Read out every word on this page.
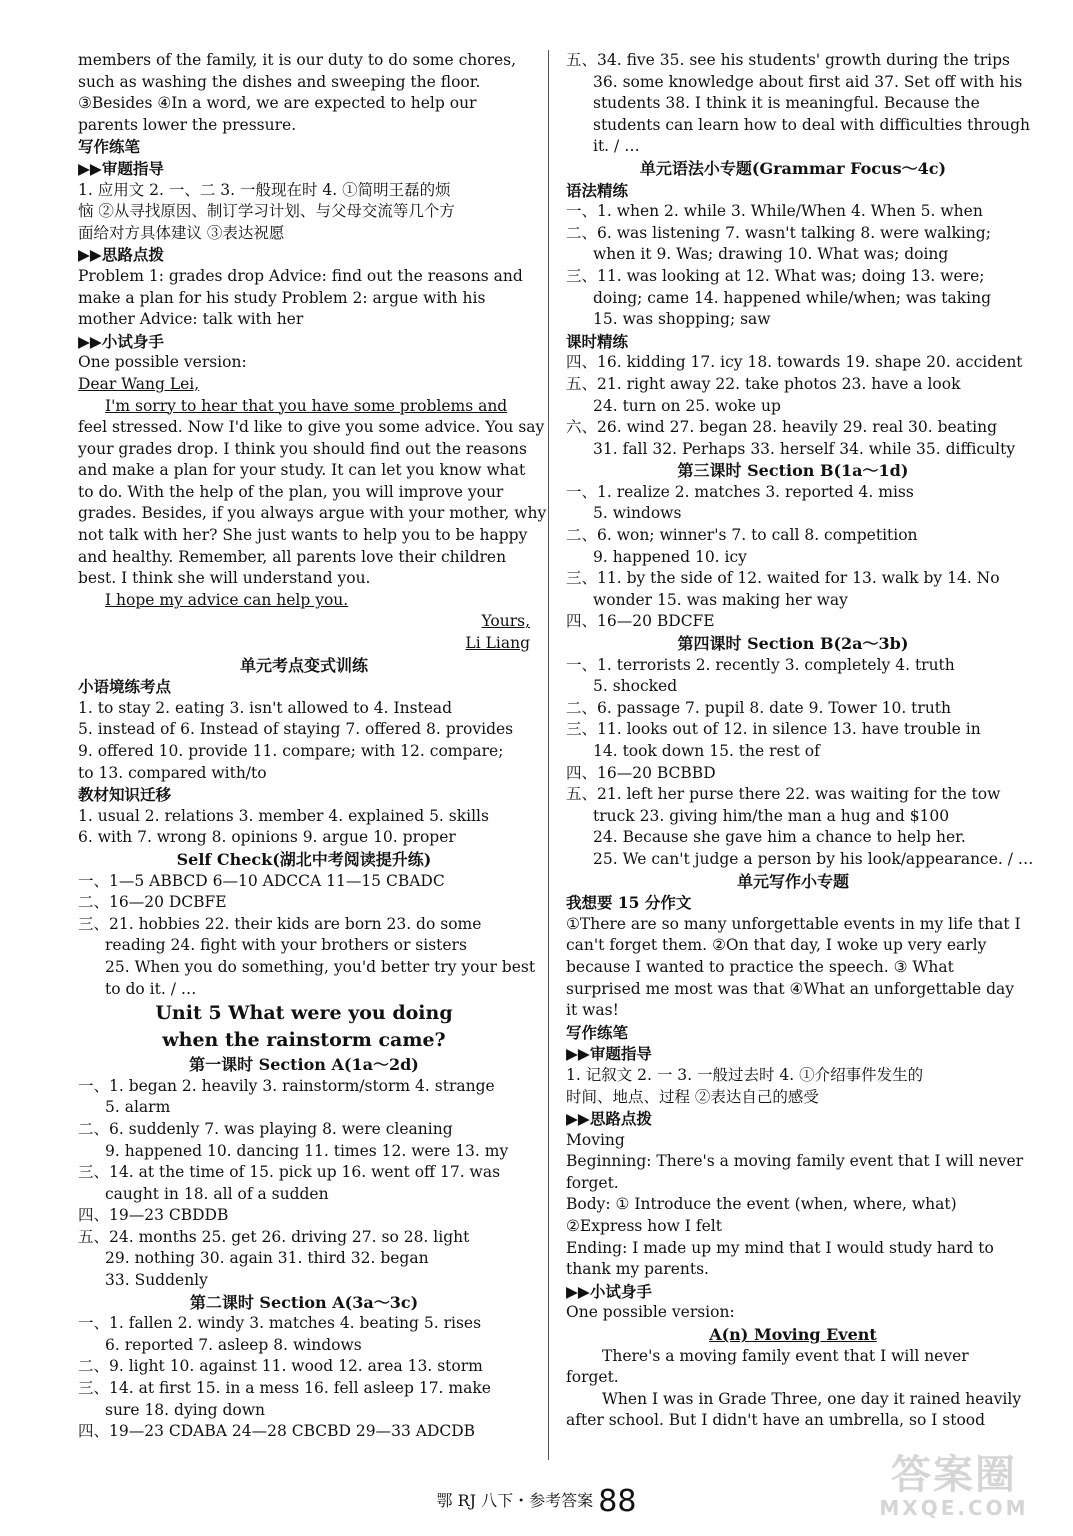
members of the family, it is our duty to do some chores,
such as washing the dishes and sweeping the floor.
③Besides ④In a word, we are expected to help our
parents lower the pressure.
写作练笔
▶▶审题指导
1. 应用文 2. 一、二 3. 一般现在时 4. ①简明王磊的烦
恼 ②从寻找原因、制订学习计划、与父母交流等几个方
面给对方具体建议 ③表达祝愿
▶▶思路点拨
Problem 1: grades drop Advice: find out the reasons and
make a plan for his study Problem 2: argue with his
mother Advice: talk with her
▶▶小试身手
One possible version:
Dear Wang Lei,
I'm sorry to hear that you have some problems and
feel stressed. Now I'd like to give you some advice. You say
your grades drop. I think you should find out the reasons
and make a plan for your study. It can let you know what
to do. With the help of the plan, you will improve your
grades. Besides, if you always argue with your mother, why
not talk with her? She just wants to help you to be happy
and healthy. Remember, all parents love their children
best. I think she will understand you.
I hope my advice can help you.
Yours,
Li Liang
单元考点变式训练
小语境练考点
1. to stay 2. eating 3. isn't allowed to 4. Instead
5. instead of 6. Instead of staying 7. offered 8. provides
9. offered 10. provide 11. compare; with 12. compare;
to 13. compared with/to
教材知识迁移
1. usual 2. relations 3. member 4. explained 5. skills
6. with 7. wrong 8. opinions 9. argue 10. proper
Self Check(湖北中考阅读提升练)
一、1—5 ABBCD 6—10 ADCCA 11—15 CBADC
二、16—20 DCBFE
三、21. hobbies 22. their kids are born 23. do some
reading 24. fight with your brothers or sisters
25. When you do something, you'd better try your best
to do it. / …
Unit 5 What were you doing
when the rainstorm came?
第一课时 Section A(1a～2d)
一、1. began 2. heavily 3. rainstorm/storm 4. strange
5. alarm
二、6. suddenly 7. was playing 8. were cleaning
9. happened 10. dancing 11. times 12. were 13. my
三、14. at the time of 15. pick up 16. went off 17. was
caught in 18. all of a sudden
四、19—23 CBDDB
五、24. months 25. get 26. driving 27. so 28. light
29. nothing 30. again 31. third 32. began
33. Suddenly
第二课时 Section A(3a～3c)
一、1. fallen 2. windy 3. matches 4. beating 5. rises
6. reported 7. asleep 8. windows
二、9. light 10. against 11. wood 12. area 13. storm
三、14. at first 15. in a mess 16. fell asleep 17. make
sure 18. dying down
四、19—23 CDABA 24—28 CBCBD 29—33 ADCDB
五、34. five 35. see his students' growth during the trips
36. some knowledge about first aid 37. Set off with his
students 38. I think it is meaningful. Because the
students can learn how to deal with difficulties through
it. / …
单元语法小专题(Grammar Focus～4c)
语法精练
一、1. when 2. while 3. While/When 4. When 5. when
二、6. was listening 7. wasn't talking 8. were walking;
when it 9. Was; drawing 10. What was; doing
三、11. was looking at 12. What was; doing 13. were;
doing; came 14. happened while/when; was taking
15. was shopping; saw
课时精练
四、16. kidding 17. icy 18. towards 19. shape 20. accident
五、21. right away 22. take photos 23. have a look
24. turn on 25. woke up
六、26. wind 27. began 28. heavily 29. real 30. beating
31. fall 32. Perhaps 33. herself 34. while 35. difficulty
第三课时 Section B(1a～1d)
一、1. realize 2. matches 3. reported 4. miss
5. windows
二、6. won; winner's 7. to call 8. competition
9. happened 10. icy
三、11. by the side of 12. waited for 13. walk by 14. No
wonder 15. was making her way
四、16—20 BDCFE
第四课时 Section B(2a～3b)
一、1. terrorists 2. recently 3. completely 4. truth
5. shocked
二、6. passage 7. pupil 8. date 9. Tower 10. truth
三、11. looks out of 12. in silence 13. have trouble in
14. took down 15. the rest of
四、16—20 BCBBD
五、21. left her purse there 22. was waiting for the tow
truck 23. giving him/the man a hug and $100
24. Because she gave him a chance to help her.
25. We can't judge a person by his look/appearance. / …
单元写作小专题
我想要 15 分作文
①There are so many unforgettable events in my life that I
can't forget them. ②On that day, I woke up very early
because I wanted to practice the speech. ③ What
surprised me most was that ④What an unforgettable day
it was!
写作练笔
▶▶审题指导
1. 记叙文 2. 一 3. 一般过去时 4. ①介绍事件发生的
时间、地点、过程 ②表达自己的感受
▶▶思路点拨
Moving
Beginning: There's a moving family event that I will never
forget.
Body: ① Introduce the event (when, where, what)
②Express how I felt
Ending: I made up my mind that I would study hard to
thank my parents.
▶▶小试身手
One possible version:
A(n) Moving Event
There's a moving family event that I will never
forget.
When I was in Grade Three, one day it rained heavily
after school. But I didn't have an umbrella, so I stood
鄂 RJ 八下・参考答案 88
答案圈
MXQE.COM
